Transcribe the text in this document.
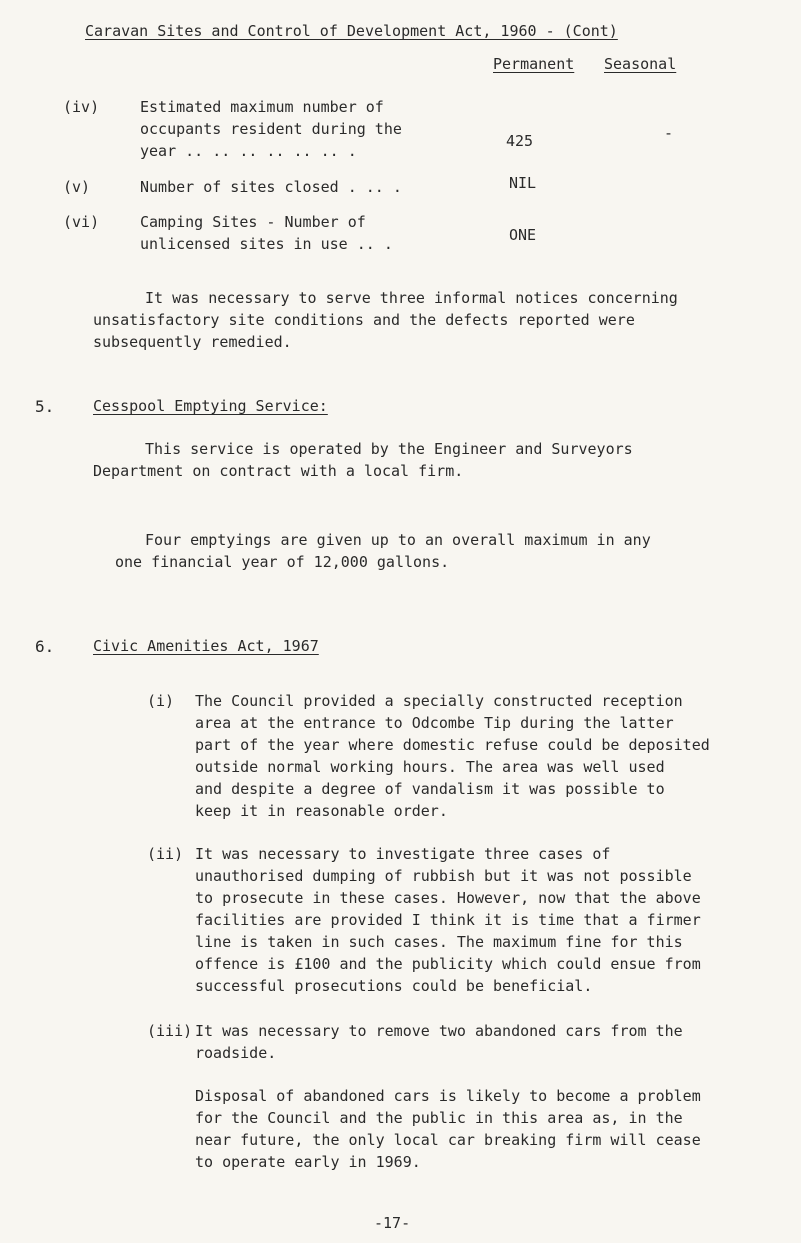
Caravan Sites and Control of Development Act, 1960 - (Cont)
Permanent Seasonal
(iv)	Estimated maximum number of
occupants resident during the
year .. .. .. .. .. .. .
425	-
(v)	Number of sites closed . .. .	NIL
(vi)	Camping Sites - Number of
unlicensed sites in use .. .	ONE
It was necessary to serve three informal notices concerning
unsatisfactory site conditions and the defects reported were
subsequently remedied.
5.	Cesspool Emptying Service:
This service is operated by the Engineer and Surveyors
Department on contract with a local firm.
Four emptyings are given up to an overall maximum in any
one financial year of 12,000 gallons.
6.	Civic Amenities Act, 1967
(i) The Council provided a specially constructed reception
area at the entrance to Odcombe Tip during the latter
part of the year where domestic refuse could be deposited
outside normal working hours. The area was well used
and despite a degree of vandalism it was possible to
keep it in reasonable order.
(ii) It was necessary to investigate three cases of
unauthorised dumping of rubbish but it was not possible
to prosecute in these cases. However, now that the above
facilities are provided I think it is time that a firmer
line is taken in such cases. The maximum fine for this
offence is £100 and the publicity which could ensue from
successful prosecutions could be beneficial.
(iii) It was necessary to remove two abandoned cars from the
roadside.
Disposal of abandoned cars is likely to become a problem
for the Council and the public in this area as, in the
near future, the only local car breaking firm will cease
to operate early in 1969.
-17-
